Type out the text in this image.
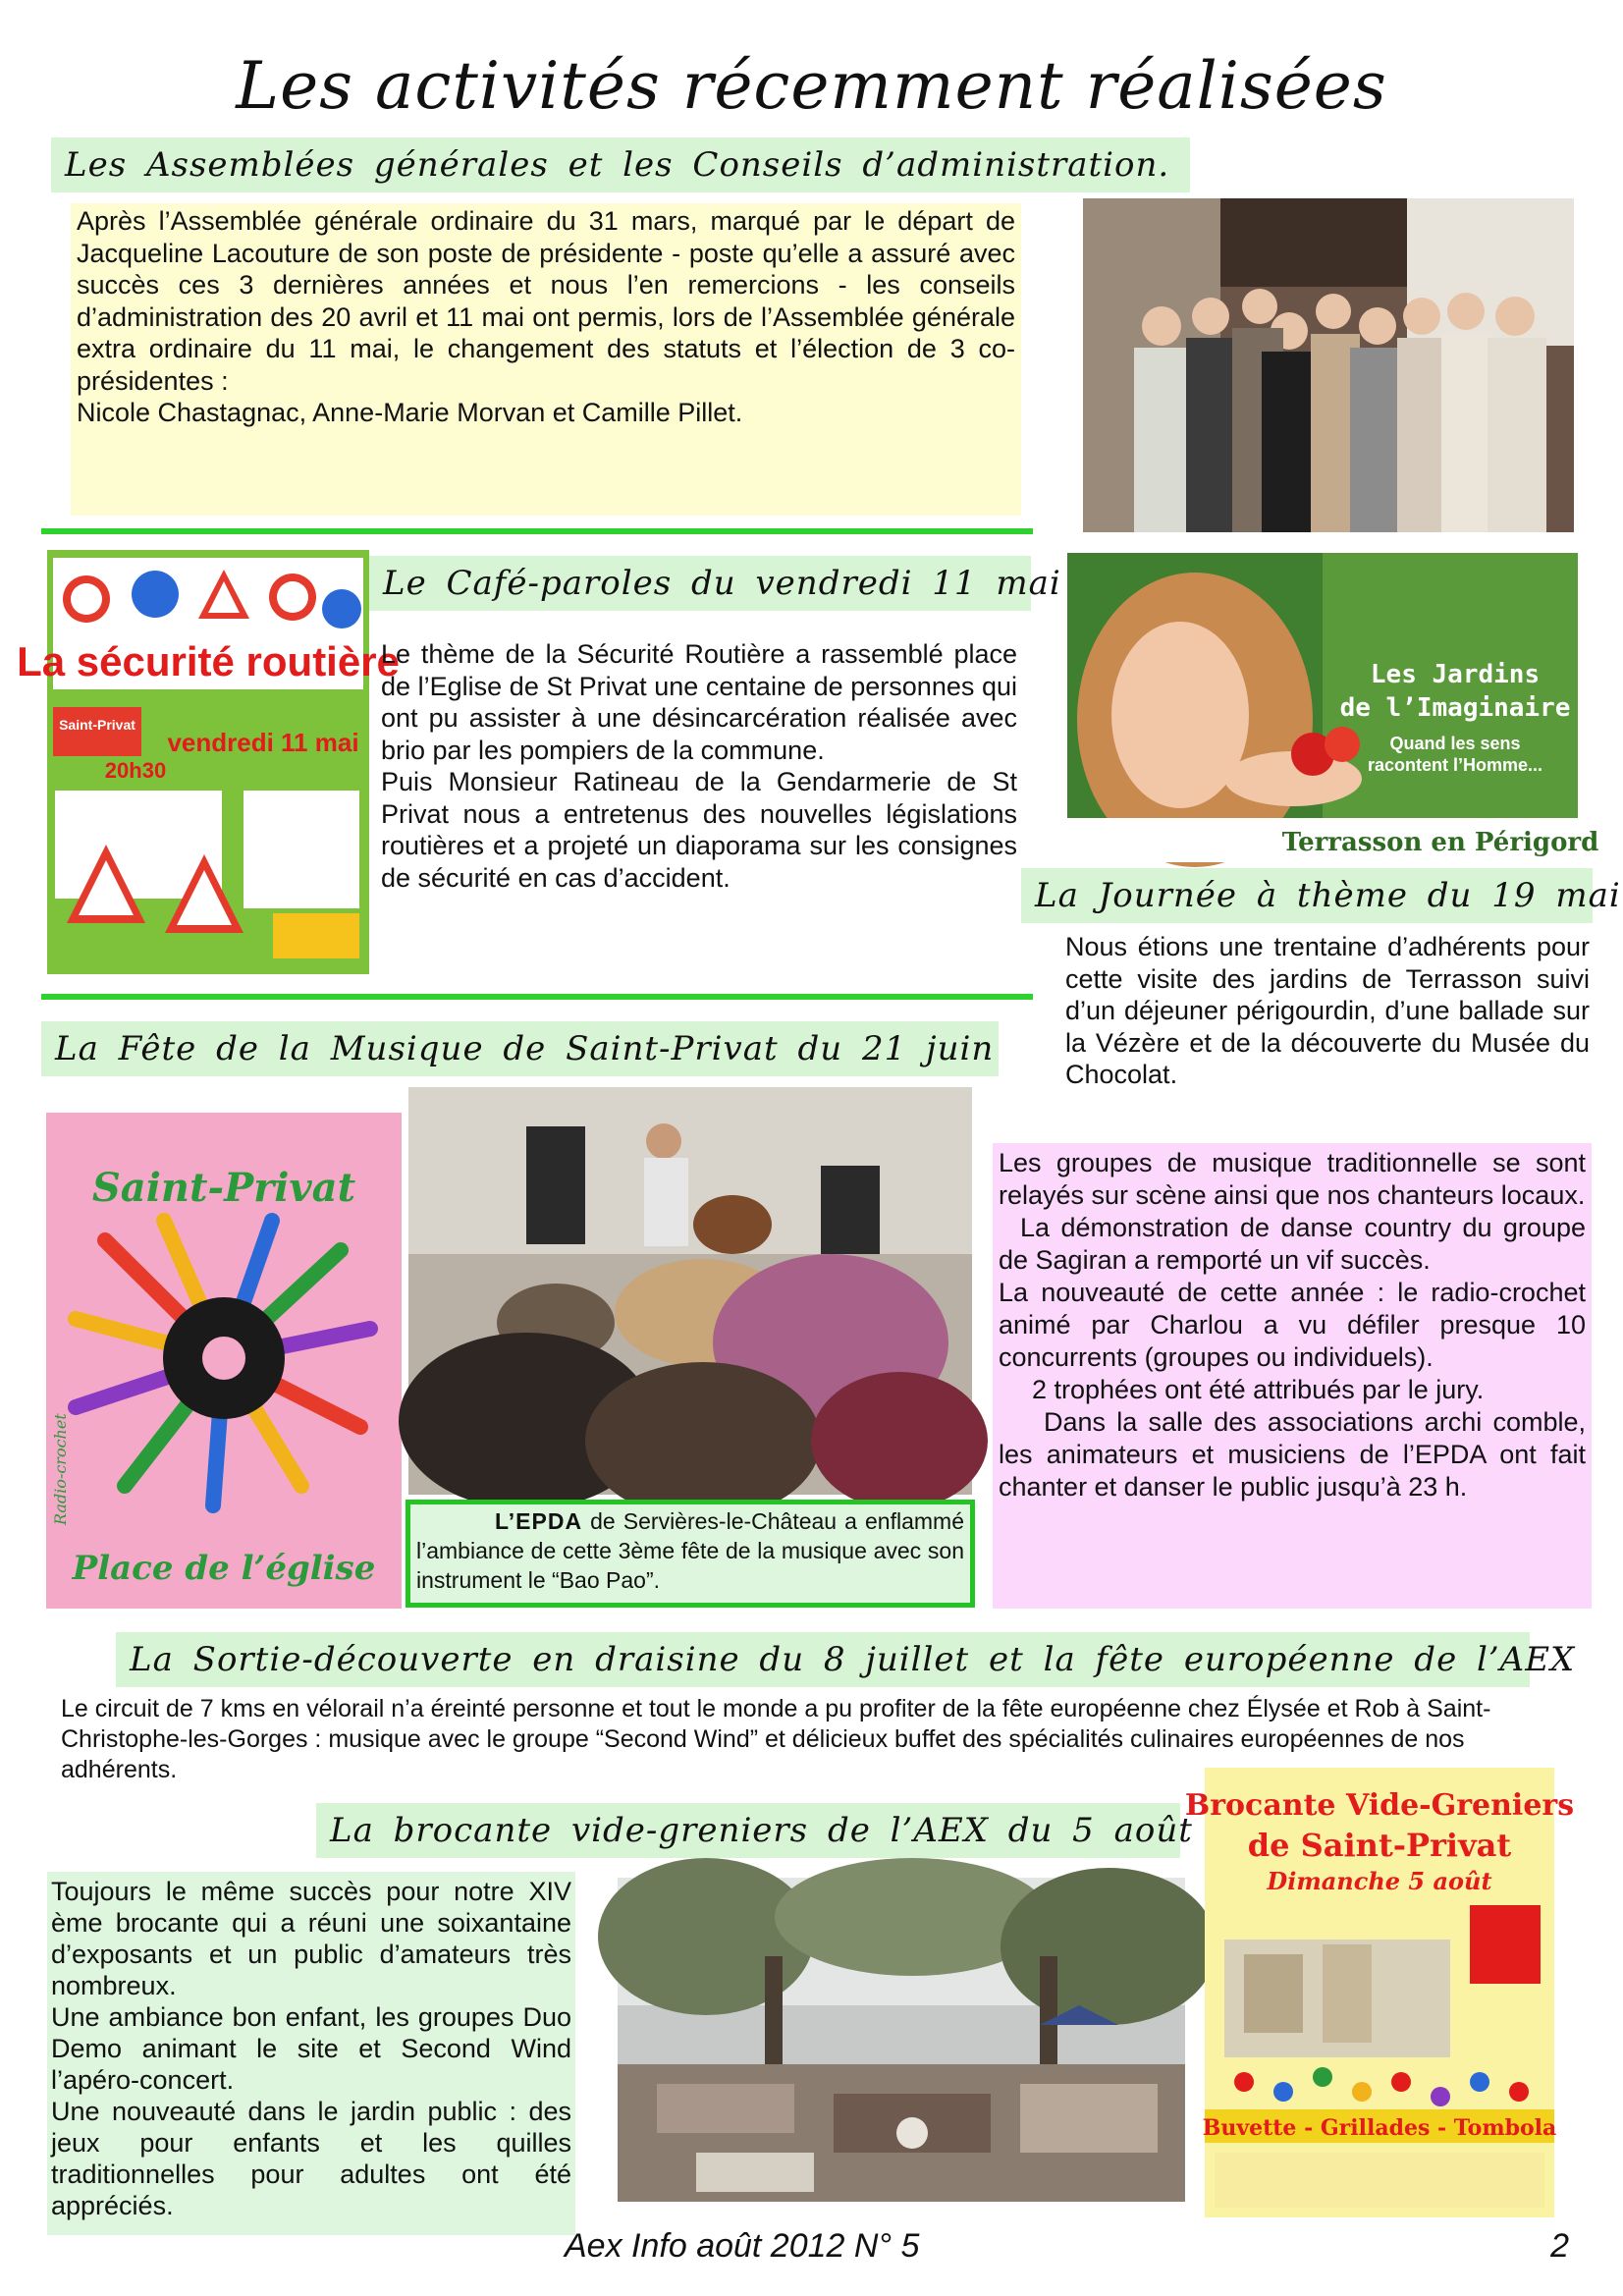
Les activités récemment réalisées
Les Assemblées générales et les Conseils d’administration.

Après l’Assemblée générale ordinaire du 31 mars, marqué par le départ de Jacqueline Lacouture de son poste de présidente - poste qu’elle a assuré avec succès ces 3 dernières années et nous l’en remercions - les conseils d’administration des 20 avril et 11 mai ont permis, lors de l’Assemblée générale extra ordinaire du 11 mai, le changement des statuts et l’élection de 3 co-présidentes :

Nicole Chastagnac, Anne-Marie Morvan et Camille Pillet.

La sécurité routière
Saint-Privat
vendredi 11 mai
20h30
Le Café-paroles du vendredi 11 mai

Le thème de la Sécurité Routière a rassemblé place de l’Eglise de St Privat une centaine de personnes qui ont pu assister à une désincarcération réalisée avec brio par les pompiers de la commune.

Puis Monsieur Ratineau de la Gendarmerie de St Privat nous a entretenus des nouvelles législations routières et a projeté un diaporama sur les consignes de sécurité en cas d’accident.

Les Jardins
de l’Imaginaire
Quand les sens
racontent l’Homme...
Terrasson en Périgord
La Journée à thème du 19 mai
Nous étions une trentaine d’adhérents pour cette visite des jardins de Terrasson suivi d’un déjeuner périgourdin, d’une ballade sur la Vézère et de la découverte du Musée du Chocolat.
La Fête de la Musique de Saint-Privat du 21 juin
Saint-Privat
Place de l’église
Radio-crochet	L’EPDA de Servières-le-Château a enflammé l’ambiance de cette 3ème fête de la musique avec son instrument le “Bao Pao”.

Les groupes de musique traditionnelle se sont relayés sur scène ainsi que nos chanteurs locaux.

La démonstration de danse country du groupe de Sagiran a remporté un vif succès.

La nouveauté de cette année : le radio-crochet animé par Charlou a vu défiler presque 10 concurrents (groupes ou individuels).

2 trophées ont été attribués par le jury.

Dans la salle des associations archi comble, les animateurs et musiciens de l’EPDA ont fait chanter et danser le public jusqu’à 23 h.

La Sortie-découverte en draisine du 8 juillet et la fête européenne de l’AEX
Le circuit de 7 kms en vélorail n’a éreinté personne et tout le monde a pu profiter de la fête européenne chez Élysée et Rob à Saint-Christophe-les-Gorges : musique avec le groupe “Second Wind” et délicieux buffet des spécialités culinaires européennes de nos adhérents.
La brocante vide-greniers de l’AEX du 5 août

Toujours le même succès pour notre XIV ème brocante qui a réuni une soixantaine d’exposants et un public d’amateurs très nombreux.

Une ambiance bon enfant, les groupes Duo Demo animant le site et Second Wind l’apéro-concert.

Une nouveauté dans le jardin public : des jeux pour enfants et les quilles traditionnelles pour adultes ont été appréciés.

Brocante Vide-Greniers
de Saint-Privat
Dimanche 5 août
Buvette - Grillades - Tombola
Aex Info août 2012 N° 5	2
